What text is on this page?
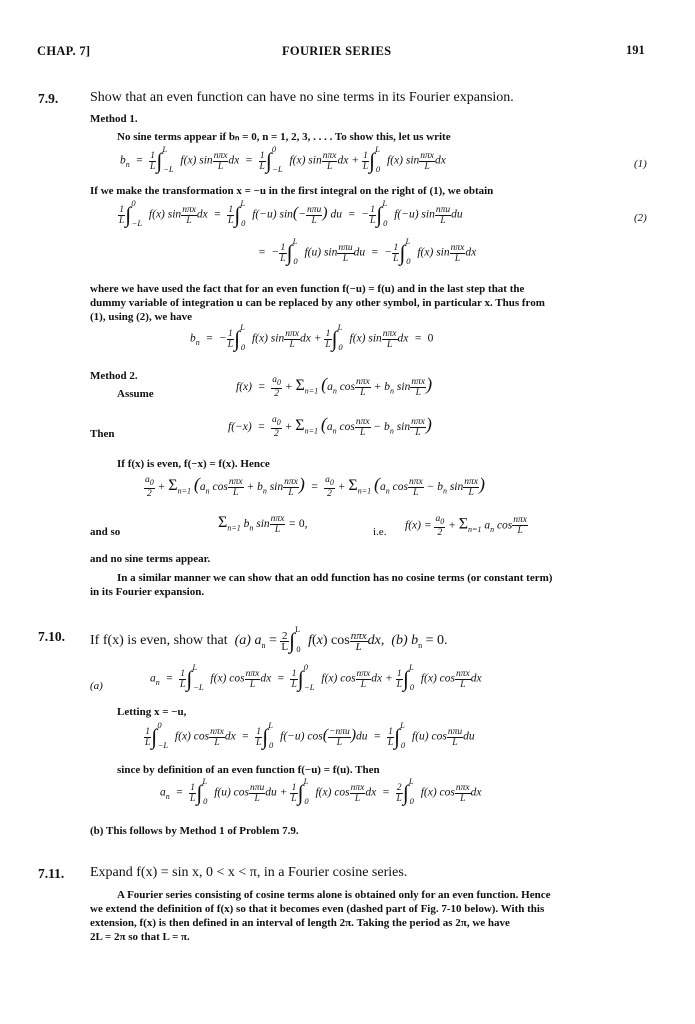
CHAP. 7]	FOURIER SERIES	191
7.9. Show that an even function can have no sine terms in its Fourier expansion.
Method 1.
No sine terms appear if bₙ = 0, n = 1, 2, 3, . . . . To show this, let us write
$b_n = \frac{1}{L} \int^L_{-L}$ f(x) $\sin \frac{\text{nπx}}{L}$ dx  = $\frac{1}{L} \int^0_{-L}$ f(x) $\sin \frac{\text{nπx}}{L}$ dx + $\frac{1}{L} \int^L_0$ f(x) $\sin \frac{\text{nπx}}{L}$ dx	(1)
If we make the transformation x = −u in the first integral on the right of (1), we obtain
$\frac{1}{L} \int^0_{-L}$ f(x) $\sin \frac{\text{nπx}}{L}$ dx  = $\frac{1}{L} \int^L_0$ f(−u) $\sin(- \frac{\text{nπu}}{L}$ ) du  =  − $\frac{1}{L} \int^L_0$ f(−u) $\sin \frac{\text{nπu}}{L}$ du	(2)
=  − $\frac{1}{L} \int^L_0$ f(u) $\sin \frac{\text{nπu}}{L}$ du  =  − $\frac{1}{L} \int^L_0$ f(x) $\sin \frac{\text{nπx}}{L}$ dx
where we have used the fact that for an even function f(−u) = f(u) and in the last step that the
dummy variable of integration u can be replaced by any other symbol, in particular x. Thus from
(1), using (2), we have
$b_n$  =  − $\frac{1}{L} \int^L_0$ f(x) $\sin \frac{\text{nπx}}{L}$ dx + $\frac{1}{L} \int^L_0$ f(x) $\sin \frac{\text{nπx}}{L}$ dx  =  0
Method 2.
Assume
$f(x) = \frac{a_0}{2} + \Sigma_{n=1}$ ($a_n$ $\cos \frac{\text{nπx}}{L} + b_n$ $\sin \frac{\text{nπx}}{L}$ )
Then
$f(-x) = \frac{a_0}{2} + \Sigma_{n=1}$ ($a_n$ $\cos \frac{\text{nπx}}{L} - b_n$ $\sin \frac{\text{nπx}}{L}$ )
If f(x) is even, f(−x) = f(x). Hence
$\frac{a_0}{2} + \Sigma_{n=1}$ ($a_n$ $\cos \frac{\text{nπx}}{L} + b_n$ $\sin \frac{\text{nπx}}{L}$ )  = $\frac{a_0}{2} + \Sigma_{n=1}$ ($a_n$ $\cos \frac{\text{nπx}}{L} - b_n$ $\sin \frac{\text{nπx}}{L}$ )
and so
$\Sigma_{n=1}$ $b_n$ $\sin \frac{\text{nπx}}{L} = 0$,
i.e.
$f(x) = \frac{a_0}{2} + \Sigma_{n=1}$ $a_n$ $\cos \frac{\text{nπx}}{L}$
and no sine terms appear.
In a similar manner we can show that an odd function has no cosine terms (or constant term)
in its Fourier expansion.
7.10. If f(x) is even, show that (a) $a_n = \frac{2}{L} \int^L_0$ f(x) $\cos \frac{\text{nπx}}{L}$ dx,  (b) $b_n = 0$.
(a)
$a_n = \frac{1}{L} \int^L_{-L}$ f(x) $\cos \frac{\text{nπx}}{L}$ dx  = $\frac{1}{L} \int^0_{-L}$ f(x) $\cos \frac{\text{nπx}}{L}$ dx + $\frac{1}{L} \int^L_0$ f(x) $\cos \frac{\text{nπx}}{L}$ dx
Letting x = −u,
$\frac{1}{L} \int^0_{-L}$ f(x) $\cos \frac{\text{nπx}}{L}$ dx  = $\frac{1}{L} \int^L_0$ f(−u) $\cos( \frac{\text{−nπu}}{L} )du = \frac{1}{L} \int^L_0$ f(u) $\cos \frac{\text{nπu}}{L}$ du
since by definition of an even function f(−u) = f(u). Then
$a_n = \frac{1}{L} \int^L_0$ f(u) $\cos \frac{\text{nπu}}{L}$ du + $\frac{1}{L} \int^L_0$ f(x) $\cos \frac{\text{nπx}}{L}$ dx  = $\frac{2}{L} \int^L_0$ f(x) $\cos \frac{\text{nπx}}{L}$ dx
(b) This follows by Method 1 of Problem 7.9.
7.11. Expand f(x) = sin x, 0 < x < π, in a Fourier cosine series.
A Fourier series consisting of cosine terms alone is obtained only for an even function. Hence
we extend the definition of f(x) so that it becomes even (dashed part of Fig. 7-10 below). With this
extension, f(x) is then defined in an interval of length 2π. Taking the period as 2π, we have
2L = 2π so that L = π.
